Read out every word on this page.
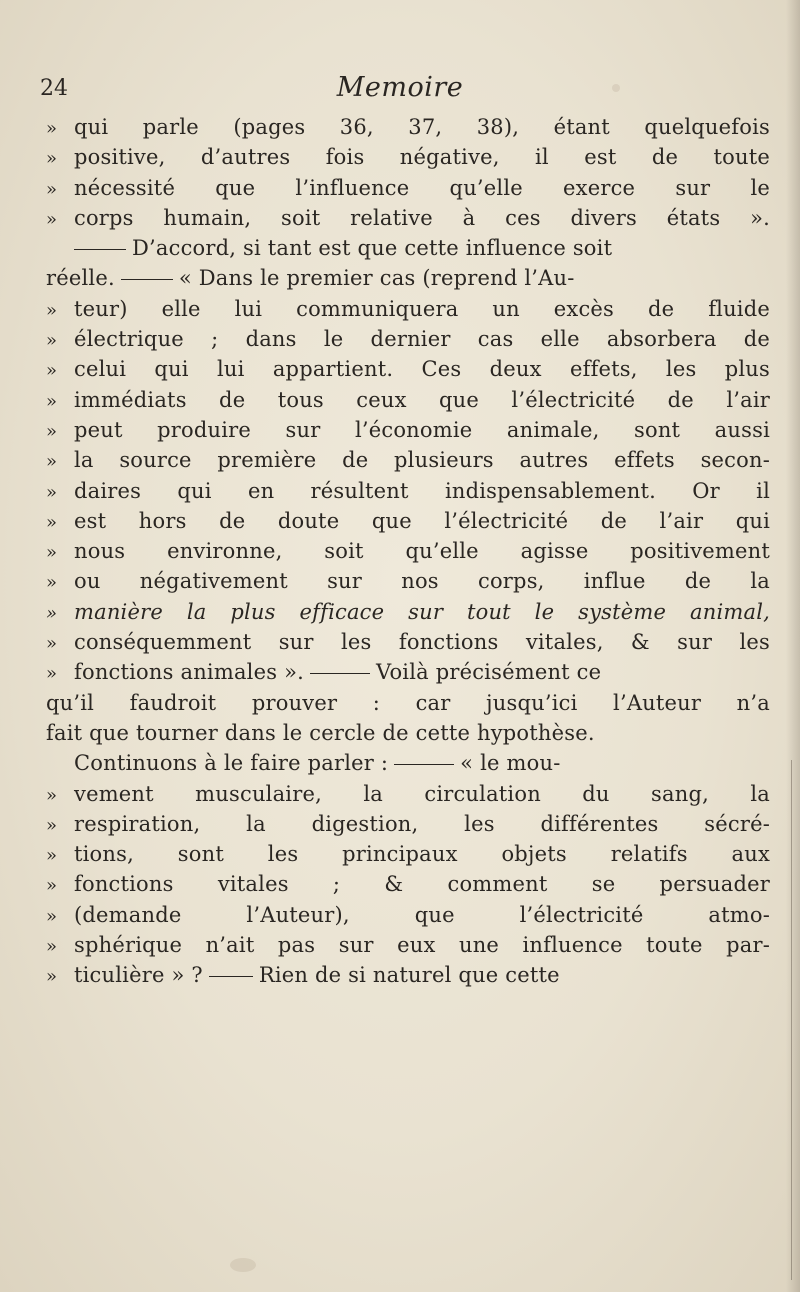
24	Memoire
» qui parle (pages 36, 37, 38), étant quelquefois
» positive, d’autres fois négative, il est de toute
» nécessité que l’influence qu’elle exerce sur le
» corps humain, soit relative à ces divers états ».
D’accord, si tant est que cette influence soit
réelle.	« Dans le premier cas (reprend l’Au-
» teur) elle lui communiquera un excès de fluide
» électrique ; dans le dernier cas elle absorbera de
» celui qui lui appartient. Ces deux effets, les plus
» immédiats de tous ceux que l’électricité de l’air
» peut produire sur l’économie animale, sont aussi
» la source première de plusieurs autres effets secon-
» daires qui en résultent indispensablement. Or il
» est hors de doute que l’électricité de l’air qui
» nous environne, soit qu’elle agisse positivement
» ou négativement sur nos corps, influe de la
» manière la plus efficace sur tout le système animal,
» conséquemment sur les fonctions vitales, & sur les
» fonctions animales ».	Voilà précisément ce
qu’il faudroit prouver : car jusqu’ici l’Auteur n’a
fait que tourner dans le cercle de cette hypothèse.
Continuons à le faire parler :	« le mou-
» vement musculaire, la circulation du sang, la
» respiration, la digestion, les différentes sécré-
» tions, sont les principaux objets relatifs aux
» fonctions vitales ; & comment se persuader
» (demande l’Auteur), que l’électricité atmo-
» sphérique n’ait pas sur eux une influence toute par-
» ticulière » ?	Rien de si naturel que cette
